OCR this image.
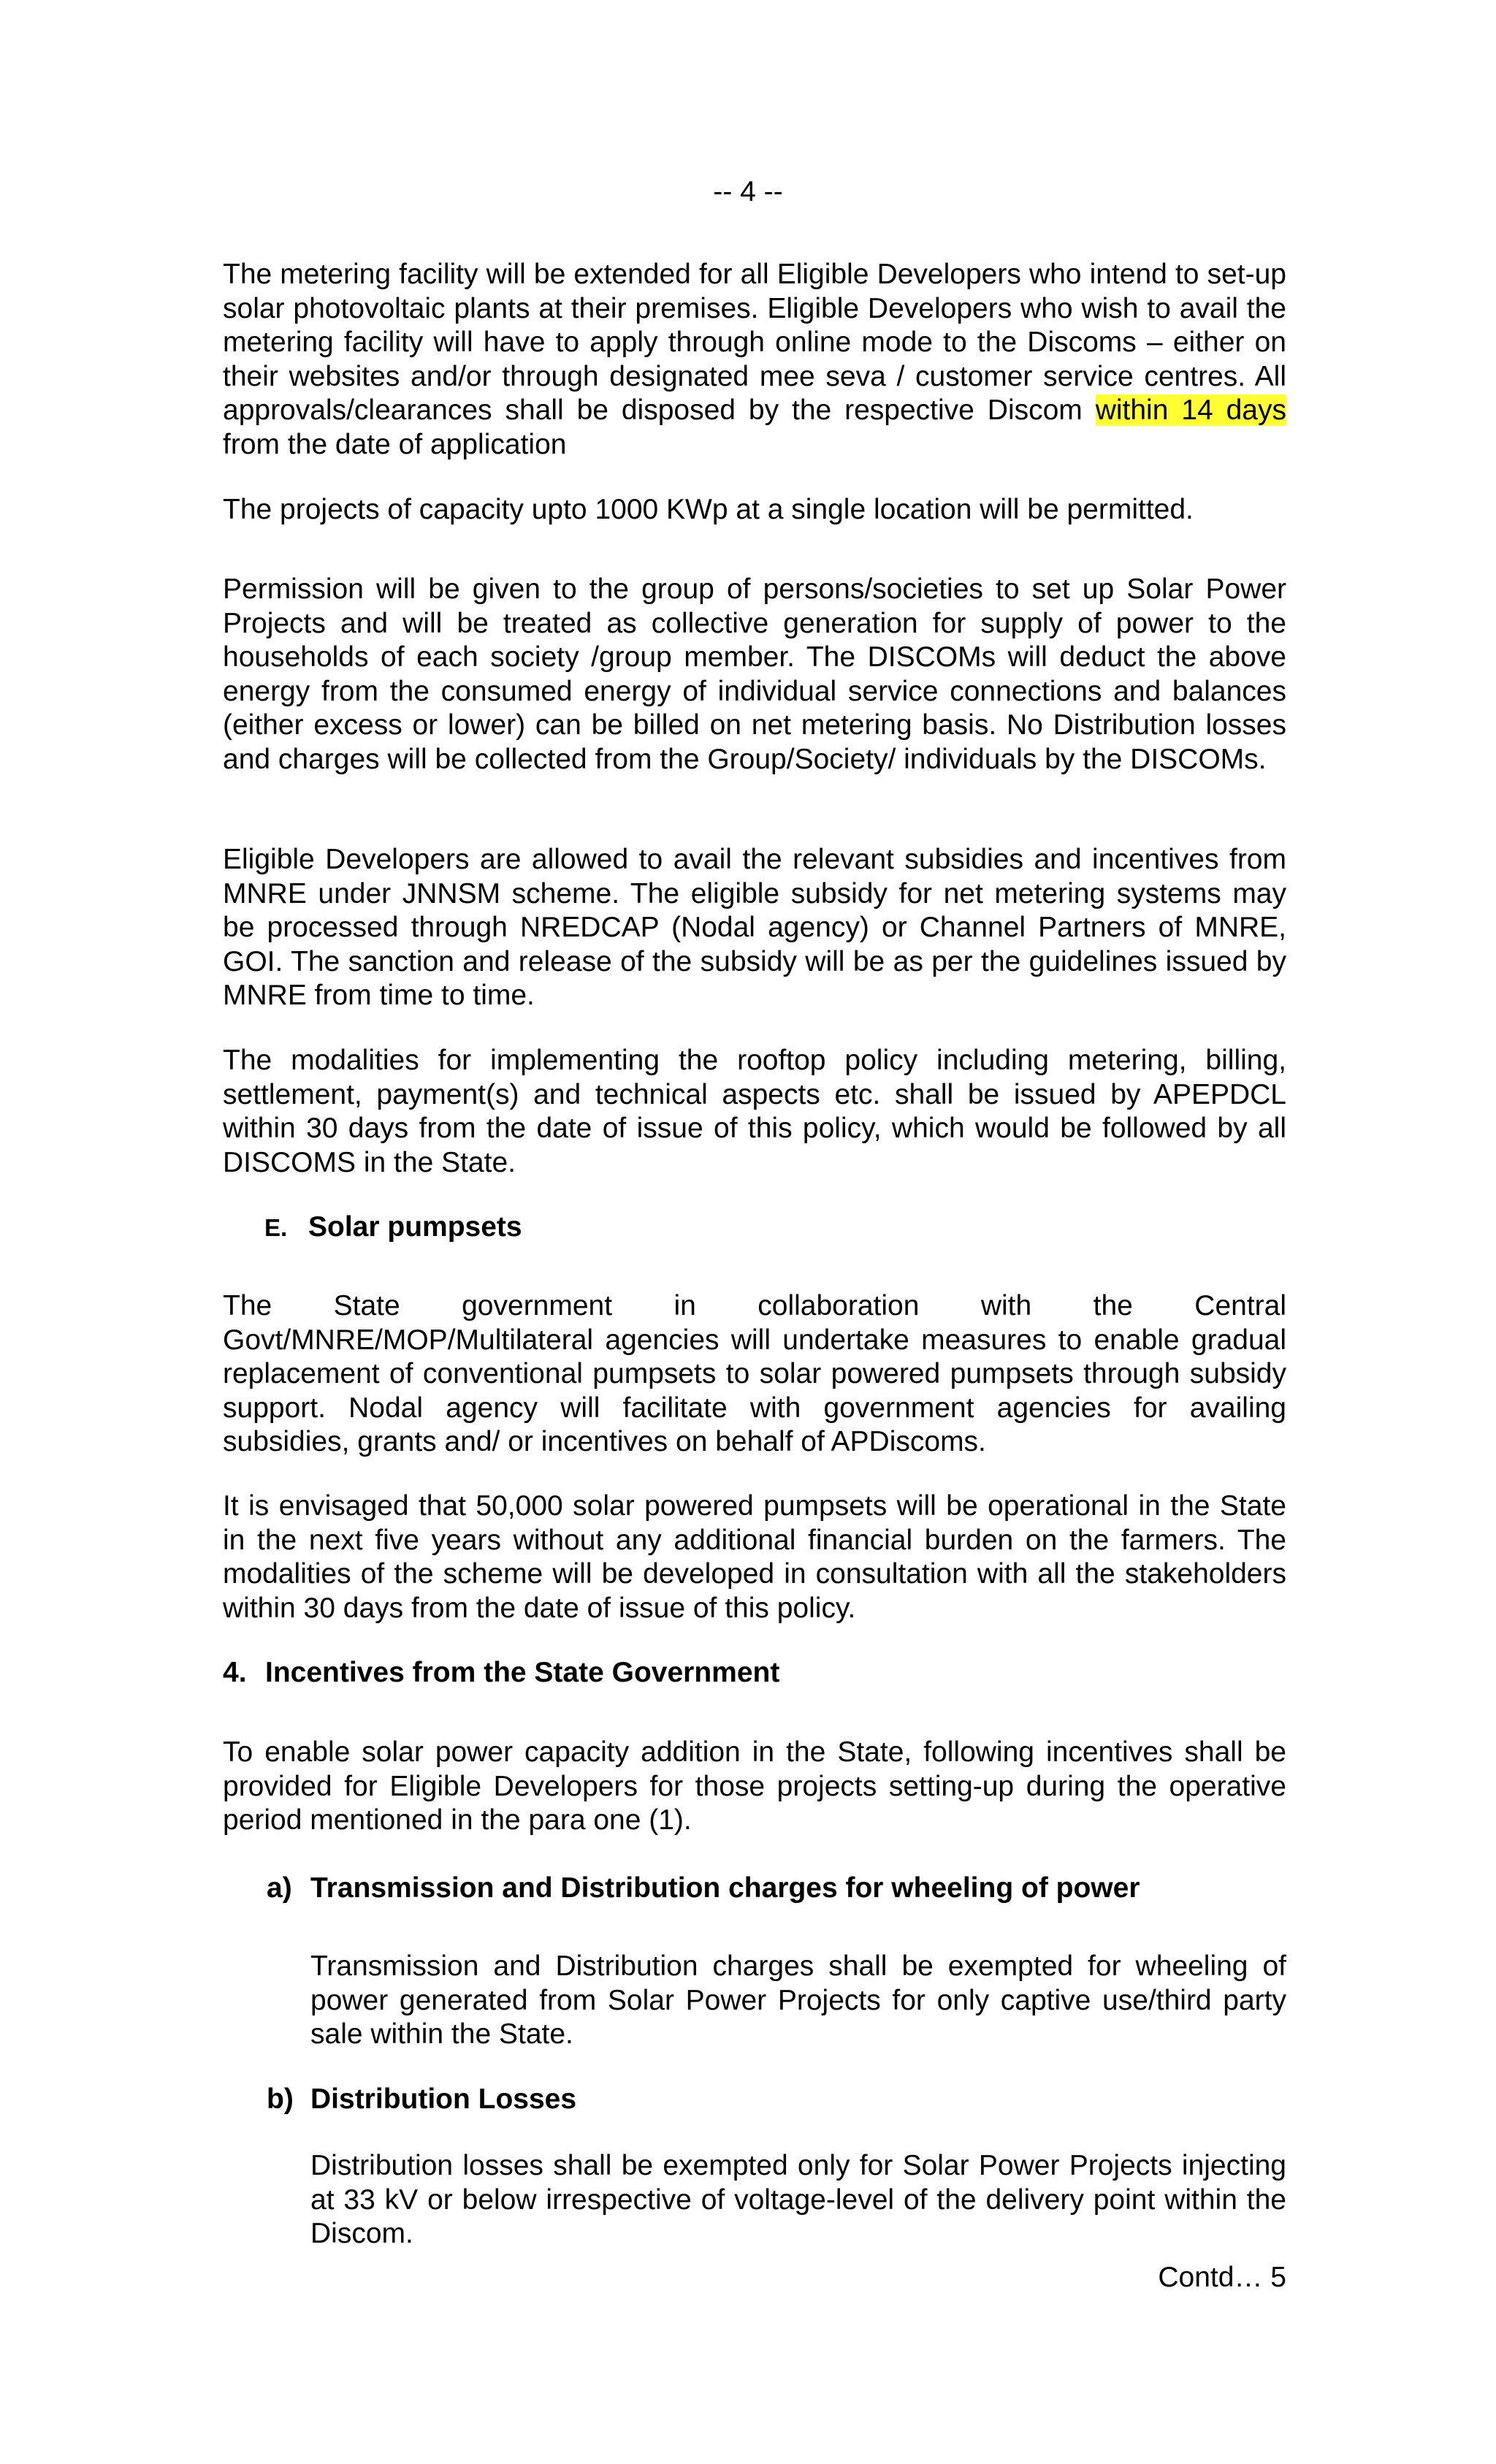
-- 4 --

The metering facility will be extended for all Eligible Developers who intend to set-up solar photovoltaic plants at their premises. Eligible Developers who wish to avail the metering facility will have to apply through online mode to the Discoms – either on their websites and/or through designated mee seva / customer service centres. All approvals/clearances shall be disposed by the respective Discom within 14 days from the date of application

The projects of capacity upto 1000 KWp at a single location will be permitted.

Permission will be given to the group of persons/societies to set up Solar Power Projects and will be treated as collective generation for supply of power to the households of each society /group member. The DISCOMs will deduct the above energy from the consumed energy of individual service connections and balances (either excess or lower) can be billed on net metering basis. No Distribution losses and charges will be collected from the Group/Society/ individuals by the DISCOMs.

Eligible Developers are allowed to avail the relevant subsidies and incentives from MNRE under JNNSM scheme. The eligible subsidy for net metering systems may be processed through NREDCAP (Nodal agency) or Channel Partners of MNRE, GOI. The sanction and release of the subsidy will be as per the guidelines issued by MNRE from time to time.

The modalities for implementing the rooftop policy including metering, billing, settlement, payment(s) and technical aspects etc. shall be issued by APEPDCL within 30 days from the date of issue of this policy, which would be followed by all DISCOMS in the State.

E. Solar pumpsets

The State government in collaboration with the Central Govt/MNRE/MOP/Multilateral agencies will undertake measures to enable gradual replacement of conventional pumpsets to solar powered pumpsets through subsidy support. Nodal agency will facilitate with government agencies for availing subsidies, grants and/ or incentives on behalf of APDiscoms.

It is envisaged that 50,000 solar powered pumpsets will be operational in the State in the next five years without any additional financial burden on the farmers. The modalities of the scheme will be developed in consultation with all the stakeholders within 30 days from the date of issue of this policy.

4. Incentives from the State Government

To enable solar power capacity addition in the State, following incentives shall be provided for Eligible Developers for those projects setting-up during the operative period mentioned in the para one (1).

a) Transmission and Distribution charges for wheeling of power

Transmission and Distribution charges shall be exempted for wheeling of power generated from Solar Power Projects for only captive use/third party sale within the State.

b) Distribution Losses

Distribution losses shall be exempted only for Solar Power Projects injecting at 33 kV or below irrespective of voltage-level of the delivery point within the Discom.

Contd… 5
